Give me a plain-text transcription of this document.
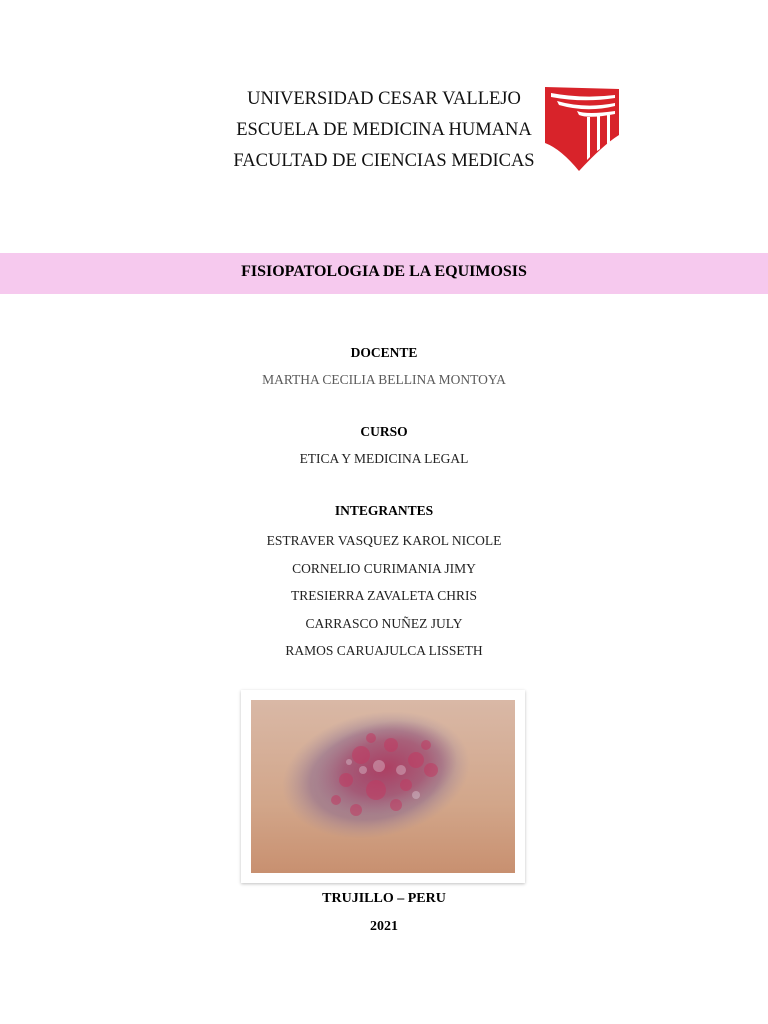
UNIVERSIDAD CESAR VALLEJO
ESCUELA DE MEDICINA HUMANA
FACULTAD DE CIENCIAS MEDICAS
FISIOPATOLOGIA DE LA EQUIMOSIS
DOCENTE
MARTHA CECILIA BELLINA MONTOYA
CURSO
ETICA Y MEDICINA LEGAL
INTEGRANTES
ESTRAVER VASQUEZ KAROL NICOLE
CORNELIO CURIMANIA JIMY
TRESIERRA ZAVALETA CHRIS
CARRASCO NUÑEZ JULY
RAMOS CARUAJULCA LISSETH
TRUJILLO – PERU
2021
